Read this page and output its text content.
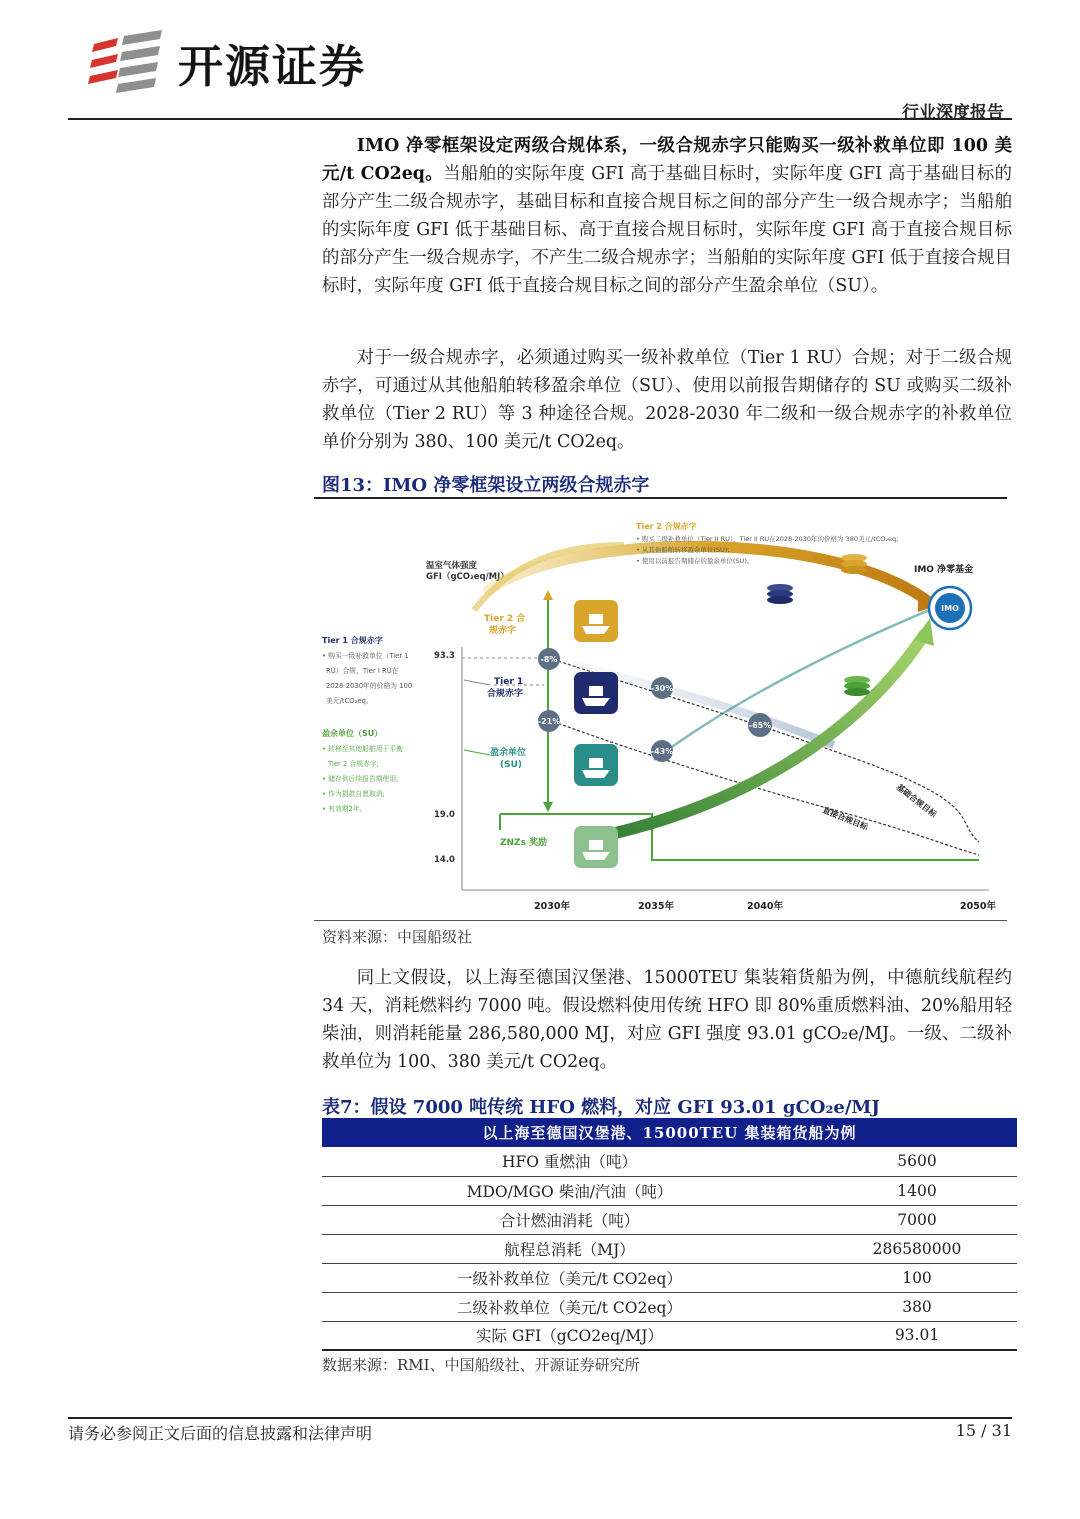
开源证券
行业深度报告

IMO 净零框架设定两级合规体系，一级合规赤字只能购买一级补救单位即 100 美元/t CO2eq。当船舶的实际年度 GFI 高于基础目标时，实际年度 GFI 高于基础目标的部分产生二级合规赤字，基础目标和直接合规目标之间的部分产生一级合规赤字；当船舶的实际年度 GFI 低于基础目标、高于直接合规目标时，实际年度 GFI 高于直接合规目标的部分产生一级合规赤字，不产生二级合规赤字；当船舶的实际年度 GFI 低于直接合规目标时，实际年度 GFI 低于直接合规目标之间的部分产生盈余单位（SU）。

对于一级合规赤字，必须通过购买一级补救单位（Tier 1 RU）合规；对于二级合规赤字，可通过从其他船舶转移盈余单位（SU）、使用以前报告期储存的 SU 或购买二级补救单位（Tier 2 RU）等 3 种途径合规。2028-2030 年二级和一级合规赤字的补救单位单价分别为 380、100 美元/t CO2eq。

图13：IMO 净零框架设立两级合规赤字
温室气体强度
GFI（gCO₂eq/MJ）
93.3
19.0
14.0
2030年	2035年	2040年	2050年
基础合规目标
直接合规目标
Tier 2 合
规赤字
Tier 1
合规赤字
盈余单位
(SU)
ZNZs 奖励
-8%
-21%
-30%
-43%
-65%
IMO
IMO 净零基金
Tier 2 合规赤字
• 购买二级补救单位（Tier II RU），Tier II RU在2028-2030年的价格为 380美元/tCO₂eq;
• 从其他船舶转移盈余单位(SU);
• 使用以前报告期储存的盈余单位(SU)。
Tier 1 合规赤字
• 购买一级补救单位（Tier 1
RU）合规，Tier I RU在
2028-2030年的价格为 100
美元/tCO₂eq。
盈余单位（SU）
• 转移至其他船舶用于平衡
Tier 2 合规赤字;
• 储存供后续报告期使用;
• 作为捐款自愿取消;
• 有效期2年。
资料来源：中国船级社

同上文假设，以上海至德国汉堡港、15000TEU 集装箱货船为例，中德航线航程约 34 天，消耗燃料约 7000 吨。假设燃料使用传统 HFO 即 80%重质燃料油、20%船用轻柴油，则消耗能量 286,580,000 MJ，对应 GFI 强度 93.01 gCO₂e/MJ。一级、二级补救单位为 100、380 美元/t CO2eq。

表7：假设 7000 吨传统 HFO 燃料，对应 GFI 93.01 gCO₂e/MJ
以上海至德国汉堡港、15000TEU 集装箱货船为例	
HFO 重燃油（吨）	5600
MDO/MGO 柴油/汽油（吨）	1400
合计燃油消耗（吨）	7000
航程总消耗（MJ）	286580000
一级补救单位（美元/t CO2eq）	100
二级补救单位（美元/t CO2eq）	380
实际 GFI（gCO2eq/MJ）	93.01
数据来源：RMI、中国船级社、开源证券研究所
请务必参阅正文后面的信息披露和法律声明	15 / 31
